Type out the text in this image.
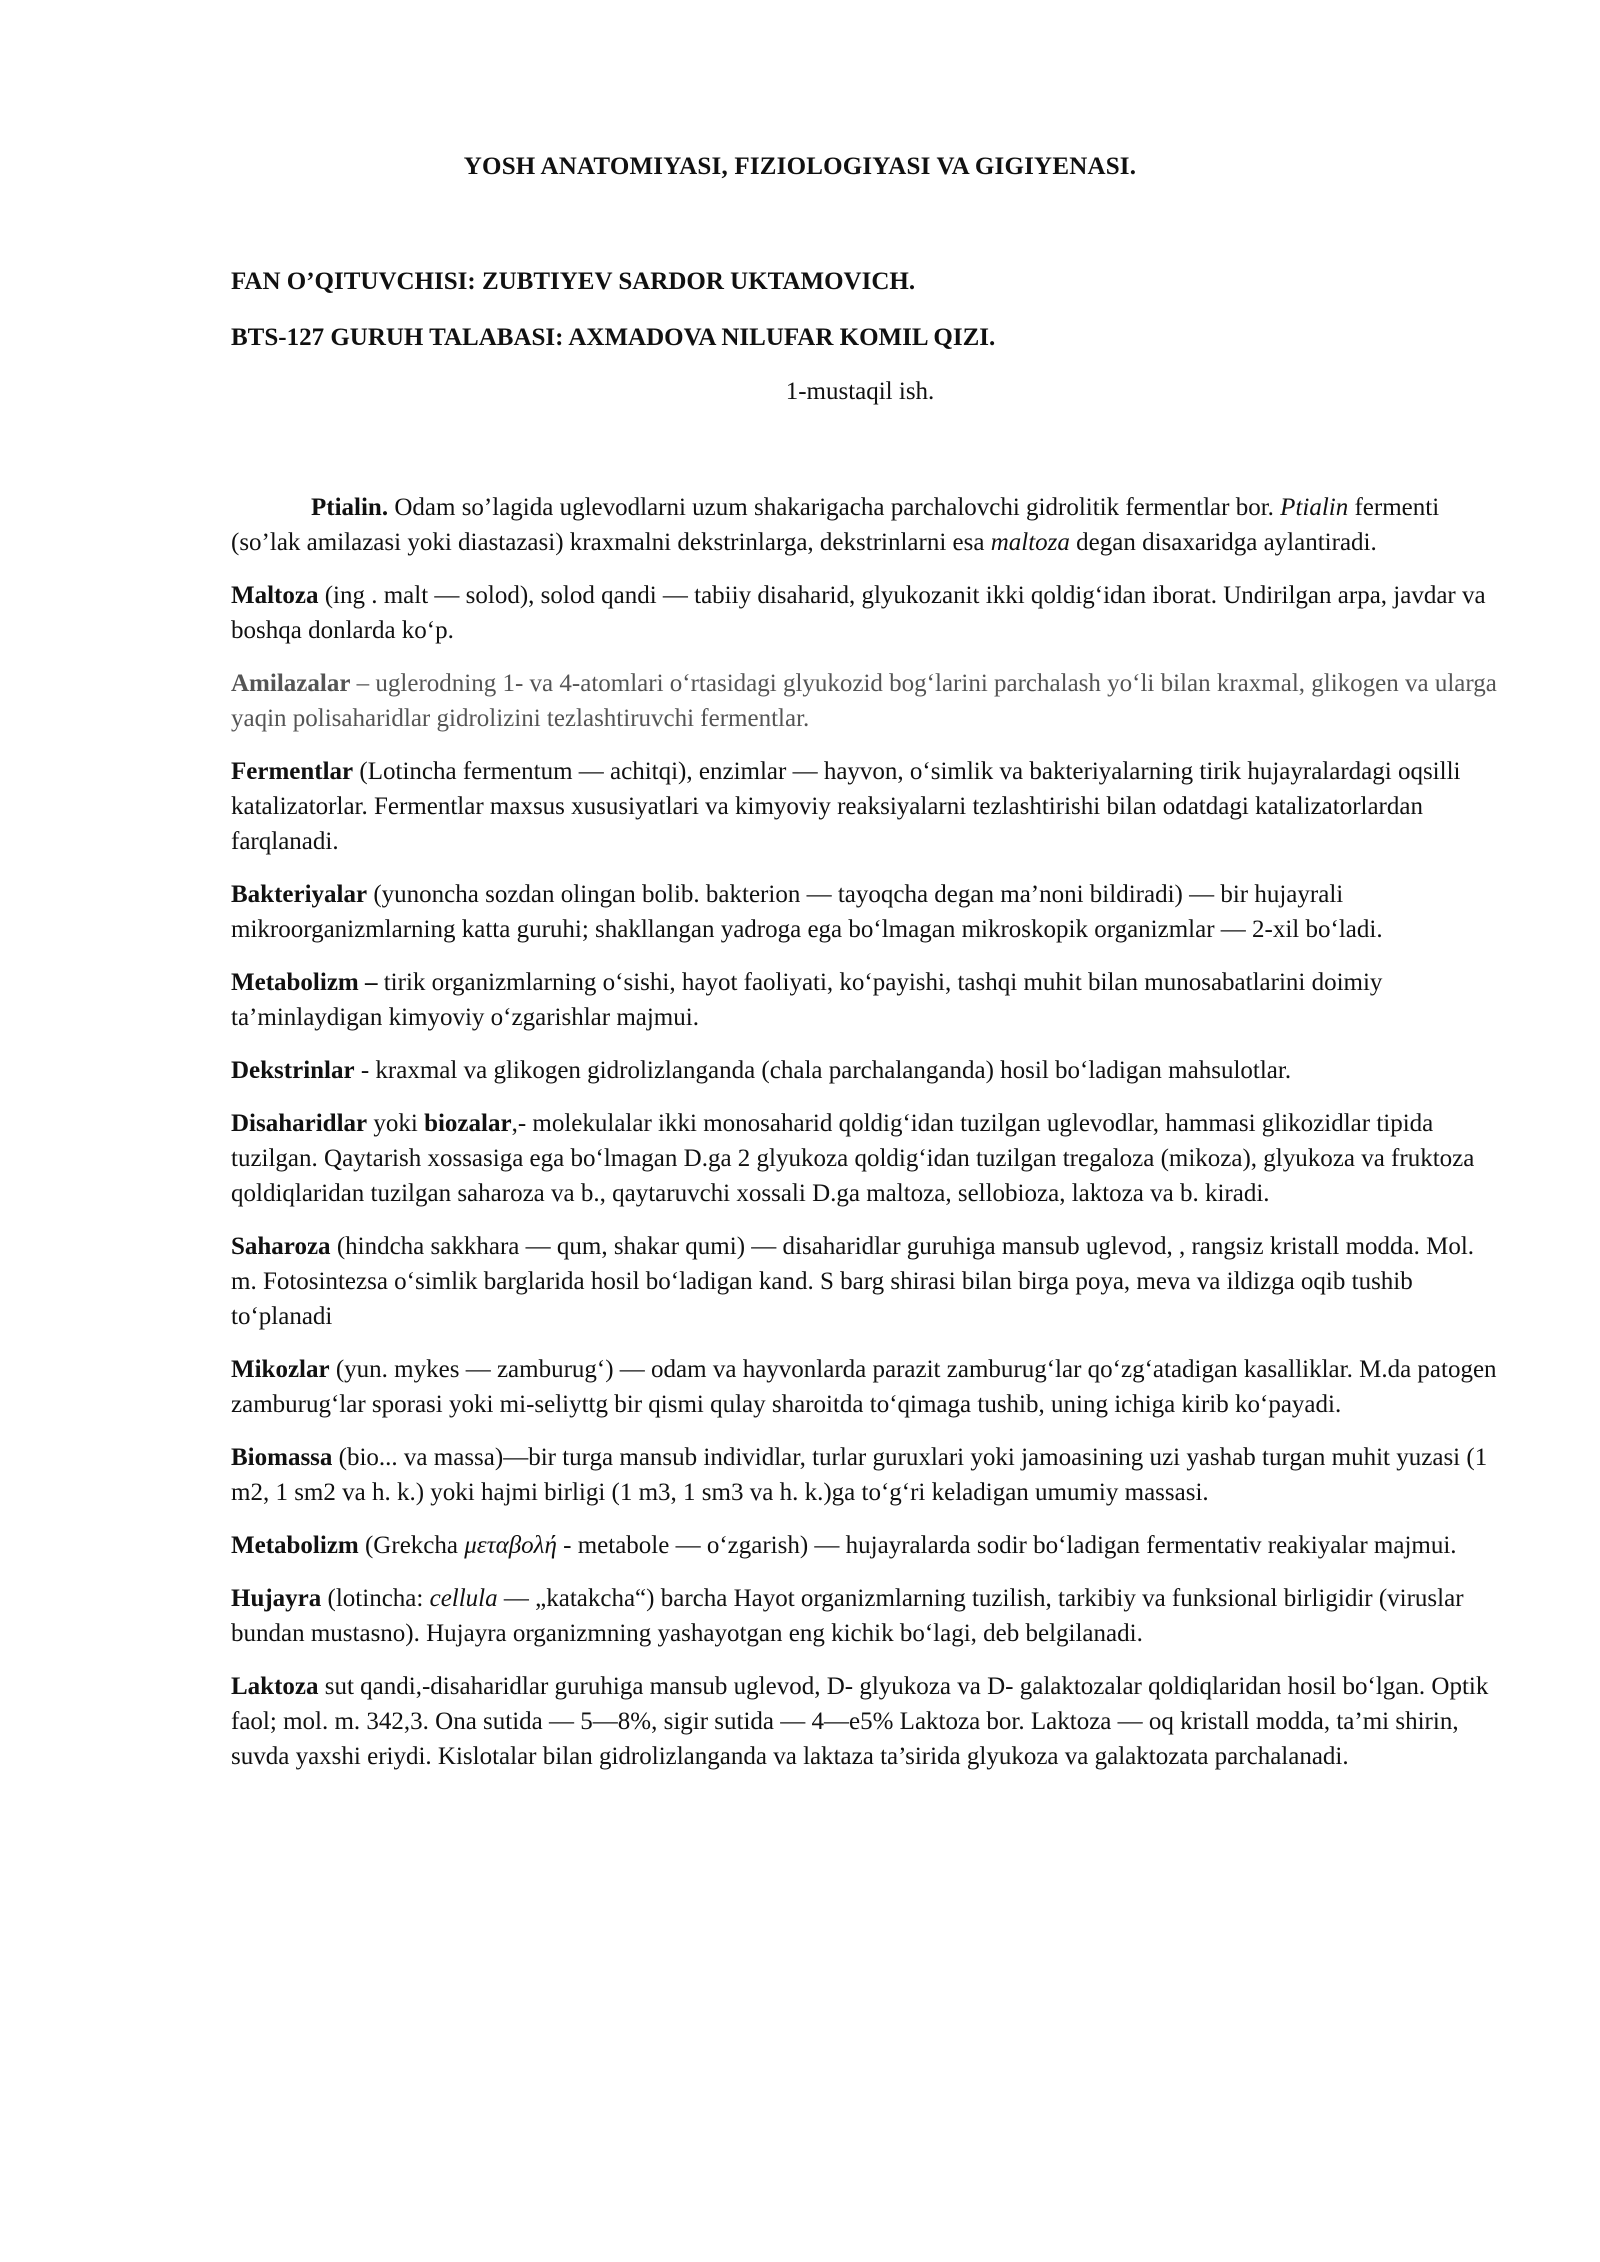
YOSH ANATOMIYASI, FIZIOLOGIYASI VA GIGIYENASI.
FAN O’QITUVCHISI: ZUBTIYEV SARDOR UKTAMOVICH.
BTS-127 GURUH TALABASI: AXMADOVA NILUFAR KOMIL QIZI.
1-mustaqil ish.

Ptialin. Odam so’lagida uglevodlarni uzum shakarigacha parchalovchi gidrolitik fermentlar bor. Ptialin fermenti (so’lak amilazasi yoki diastazasi) kraxmalni dekstrinlarga, dekstrinlarni esa maltoza degan disaxaridga aylantiradi.

Maltoza (ing . malt — solod), solod qandi — tabiiy disaharid, glyukozanit ikki qoldig‘idan iborat. Undirilgan arpa, javdar va boshqa donlarda ko‘p.

Amilazalar – uglerodning 1- va 4-atomlari o‘rtasidagi glyukozid bog‘larini parchalash yo‘li bilan kraxmal, glikogen va ularga yaqin polisaharidlar gidrolizini tezlashtiruvchi fermentlar.

Fermentlar (Lotincha fermentum — achitqi), enzimlar — hayvon, o‘simlik va bakteriyalarning tirik hujayralardagi oqsilli katalizatorlar. Fermentlar maxsus xususiyatlari va kimyoviy reaksiyalarni tezlashtirishi bilan odatdagi katalizatorlardan farqlanadi.

Bakteriyalar (yunoncha sozdan olingan bolib. bakterion — tayoqcha degan ma’noni bildiradi) — bir hujayrali mikroorganizmlarning katta guruhi; shakllangan yadroga ega bo‘lmagan mikroskopik organizmlar — 2-xil bo‘ladi.

Metabolizm – tirik organizmlarning o‘sishi, hayot faoliyati, ko‘payishi, tashqi muhit bilan munosabatlarini doimiy ta’minlaydigan kimyoviy o‘zgarishlar majmui.

Dekstrinlar - kraxmal va glikogen gidrolizlanganda (chala parchalanganda) hosil bo‘ladigan mahsulotlar.

Disaharidlar yoki biozalar,- molekulalar ikki monosaharid qoldig‘idan tuzilgan uglevodlar, hammasi glikozidlar tipida tuzilgan. Qaytarish xossasiga ega bo‘lmagan D.ga 2 glyukoza qoldig‘idan tuzilgan tregaloza (mikoza), glyukoza va fruktoza qoldiqlaridan tuzilgan saharoza va b., qaytaruvchi xossali D.ga maltoza, sellobioza, laktoza va b. kiradi.

Saharoza (hindcha sakkhara — qum, shakar qumi) — disaharidlar guruhiga mansub uglevod, , rangsiz kristall modda. Mol. m. Fotosintezsa o‘simlik barglarida hosil bo‘ladigan kand. S barg shirasi bilan birga poya, meva va ildizga oqib tushib to‘planadi

Mikozlar (yun. mykes — zamburug‘) — odam va hayvonlarda parazit zamburug‘lar qo‘zg‘atadigan kasalliklar. M.da patogen zamburug‘lar sporasi yoki mi-seliyttg bir qismi qulay sharoitda to‘qimaga tushib, uning ichiga kirib ko‘payadi.

Biomassa (bio... va massa)—bir turga mansub individlar, turlar guruxlari yoki jamoasining uzi yashab turgan muhit yuzasi (1 m2, 1 sm2 va h. k.) yoki hajmi birligi (1 m3, 1 sm3 va h. k.)ga to‘g‘ri keladigan umumiy massasi.

Metabolizm (Grekcha μεταβολή - metabole — o‘zgarish) — hujayralarda sodir bo‘ladigan fermentativ reakiyalar majmui.

Hujayra (lotincha: cellula — „katakcha“) barcha Hayot organizmlarning tuzilish, tarkibiy va funksional birligidir (viruslar bundan mustasno). Hujayra organizmning yashayotgan eng kichik bo‘lagi, deb belgilanadi.

Laktoza sut qandi,-disaharidlar guruhiga mansub uglevod, D- glyukoza va D- galaktozalar qoldiqlaridan hosil bo‘lgan. Optik faol; mol. m. 342,3. Ona sutida — 5—8%, sigir sutida — 4—e5% Laktoza bor. Laktoza — oq kristall modda, ta’mi shirin, suvda yaxshi eriydi. Kislotalar bilan gidrolizlanganda va laktaza ta’sirida glyukoza va galaktozata parchalanadi.
